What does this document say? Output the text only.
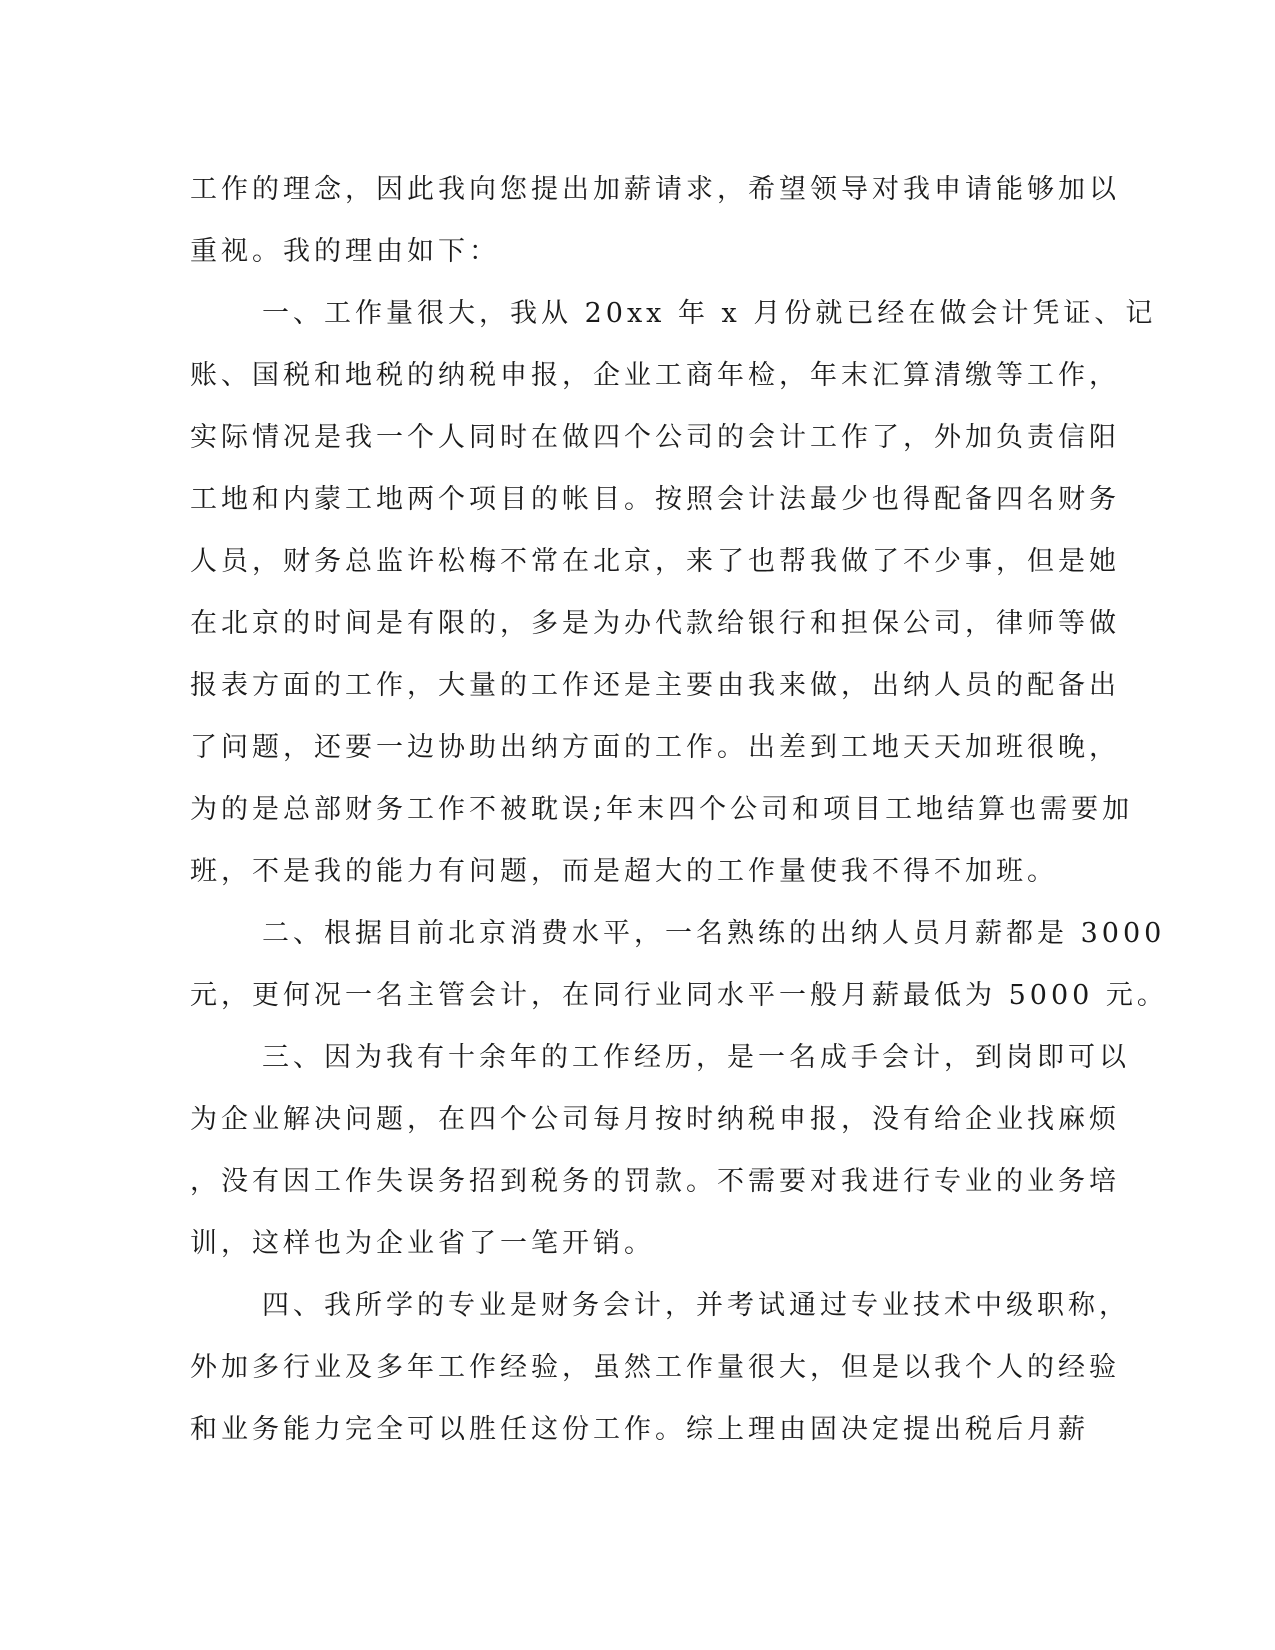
工作的理念，因此我向您提出加薪请求，希望领导对我申请能够加以
重视。我的理由如下：
一、工作量很大，我从 20xx 年 x 月份就已经在做会计凭证、记
账、国税和地税的纳税申报，企业工商年检，年末汇算清缴等工作，
实际情况是我一个人同时在做四个公司的会计工作了，外加负责信阳
工地和内蒙工地两个项目的帐目。按照会计法最少也得配备四名财务
人员，财务总监许松梅不常在北京，来了也帮我做了不少事，但是她
在北京的时间是有限的，多是为办代款给银行和担保公司，律师等做
报表方面的工作，大量的工作还是主要由我来做，出纳人员的配备出
了问题，还要一边协助出纳方面的工作。出差到工地天天加班很晚，
为的是总部财务工作不被耽误;年末四个公司和项目工地结算也需要加
班，不是我的能力有问题，而是超大的工作量使我不得不加班。
二、根据目前北京消费水平，一名熟练的出纳人员月薪都是 3000
元，更何况一名主管会计，在同行业同水平一般月薪最低为 5000 元。
三、因为我有十余年的工作经历，是一名成手会计，到岗即可以
为企业解决问题，在四个公司每月按时纳税申报，没有给企业找麻烦
，没有因工作失误务招到税务的罚款。不需要对我进行专业的业务培
训，这样也为企业省了一笔开销。
四、我所学的专业是财务会计，并考试通过专业技术中级职称，
外加多行业及多年工作经验，虽然工作量很大，但是以我个人的经验
和业务能力完全可以胜任这份工作。综上理由固决定提出税后月薪
